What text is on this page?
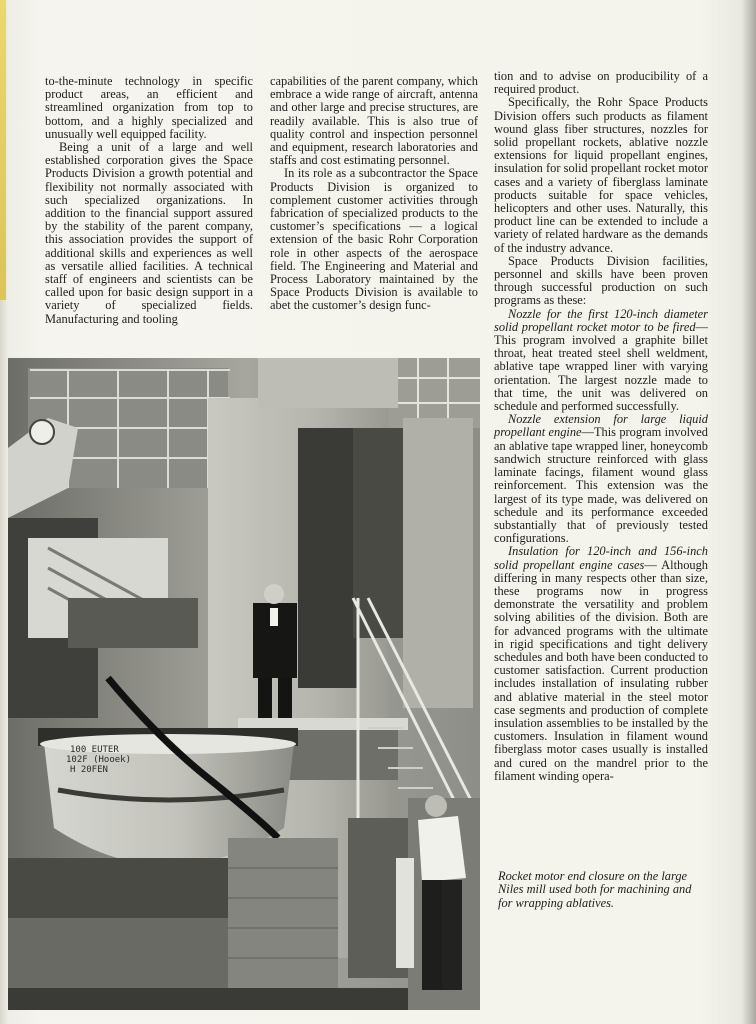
to-the-minute technology in specific product areas, an efficient and streamlined organization from top to bottom, and a highly specialized and unusually well equipped facility.

Being a unit of a large and well established corporation gives the Space Products Division a growth potential and flexibility not normally associated with such specialized organizations. In addition to the financial support assured by the stability of the parent company, this association provides the support of additional skills and experiences as well as versatile allied facilities. A technical staff of engineers and scientists can be called upon for basic design support in a variety of specialized fields. Manufacturing and tooling

capabilities of the parent company, which embrace a wide range of aircraft, antenna and other large and precise structures, are readily available. This is also true of quality control and inspection personnel and equipment, research laboratories and staffs and cost estimating personnel.

In its role as a subcontractor the Space Products Division is organized to complement customer activities through fabrication of specialized products to the customer’s specifications — a logical extension of the basic Rohr Corporation role in other aspects of the aerospace field. The Engineering and Material and Process Laboratory maintained by the Space Products Division is available to abet the customer’s design func-

tion and to advise on producibility of a required product.

Specifically, the Rohr Space Products Division offers such products as filament wound glass fiber structures, nozzles for solid propellant rockets, ablative nozzle extensions for liquid propellant engines, insulation for solid propellant rocket motor cases and a variety of fiberglass laminate products suitable for space vehicles, helicopters and other uses. Naturally, this product line can be extended to include a variety of related hardware as the demands of the industry advance.

Space Products Division facilities, personnel and skills have been proven through successful production on such programs as these:

Nozzle for the first 120-inch diameter solid propellant rocket motor to be fired—This program involved a graphite billet throat, heat treated steel shell weldment, ablative tape wrapped liner with varying orientation. The largest nozzle made to that time, the unit was delivered on schedule and performed successfully.

Nozzle extension for large liquid propellant engine—This program involved an ablative tape wrapped liner, honeycomb sandwich structure reinforced with glass laminate facings, filament wound glass reinforcement. This extension was the largest of its type made, was delivered on schedule and its performance exceeded substantially that of previously tested configurations.

Insulation for 120-inch and 156-inch solid propellant engine cases— Although differing in many respects other than size, these programs now in progress demonstrate the versatility and problem solving abilities of the division. Both are for advanced programs with the ultimate in rigid specifications and tight delivery schedules and both have been conducted to customer satisfaction. Current production includes installation of insulating rubber and ablative material in the steel motor case segments and production of complete insulation assemblies to be installed by the customers. Insulation in filament wound fiberglass motor cases usually is installed and cured on the mandrel prior to the filament winding opera-

100 EUTER
102F (Hooek)
H 20FEN
Rocket motor end closure on the large Niles mill used both for machining and for wrapping ablatives.
